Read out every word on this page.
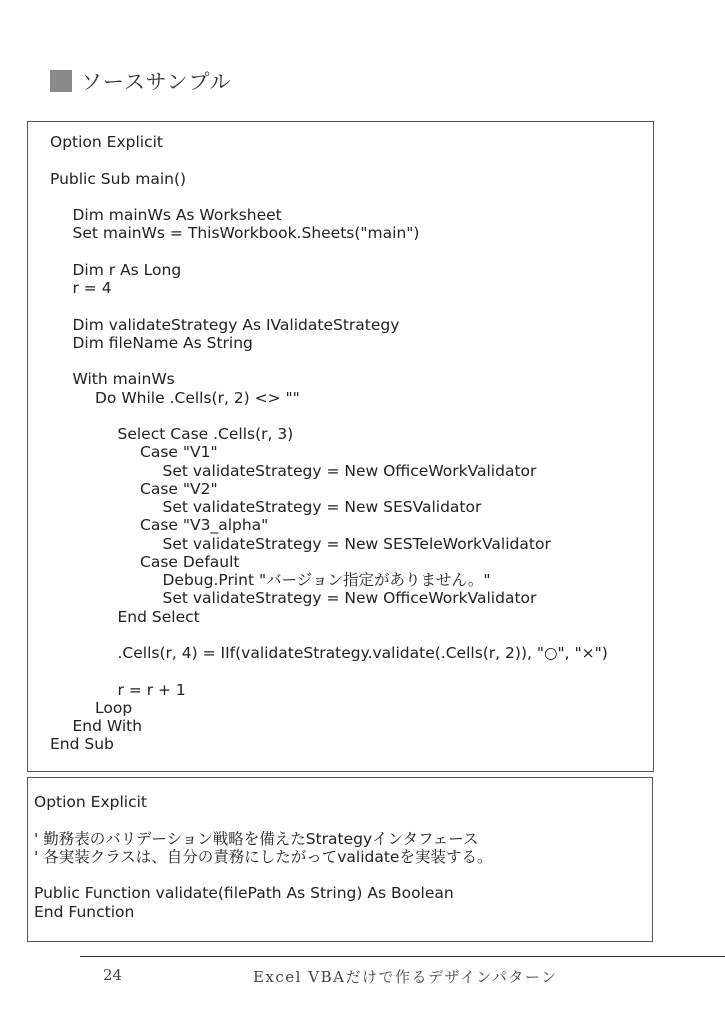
ソースサンプル
Option Explicit
Public Sub main()
Dim mainWs As Worksheet
Set mainWs = ThisWorkbook.Sheets("main")
Dim r As Long
r = 4
Dim validateStrategy As IValidateStrategy
Dim fileName As String
With mainWs
Do While .Cells(r, 2) <> ""
Select Case .Cells(r, 3)
Case "V1"
Set validateStrategy = New OfficeWorkValidator
Case "V2"
Set validateStrategy = New SESValidator
Case "V3_alpha"
Set validateStrategy = New SESTeleWorkValidator
Case Default
Debug.Print "バージョン指定がありません。"
Set validateStrategy = New OfficeWorkValidator
End Select
.Cells(r, 4) = IIf(validateStrategy.validate(.Cells(r, 2)), "○", "×")
r = r + 1
Loop
End With
End Sub
Option Explicit
' 勤務表のバリデーション戦略を備えたStrategyインタフェース
' 各実装クラスは、自分の責務にしたがってvalidateを実装する。
Public Function validate(filePath As String) As Boolean
End Function
24	Excel VBAだけで作るデザインパターン
